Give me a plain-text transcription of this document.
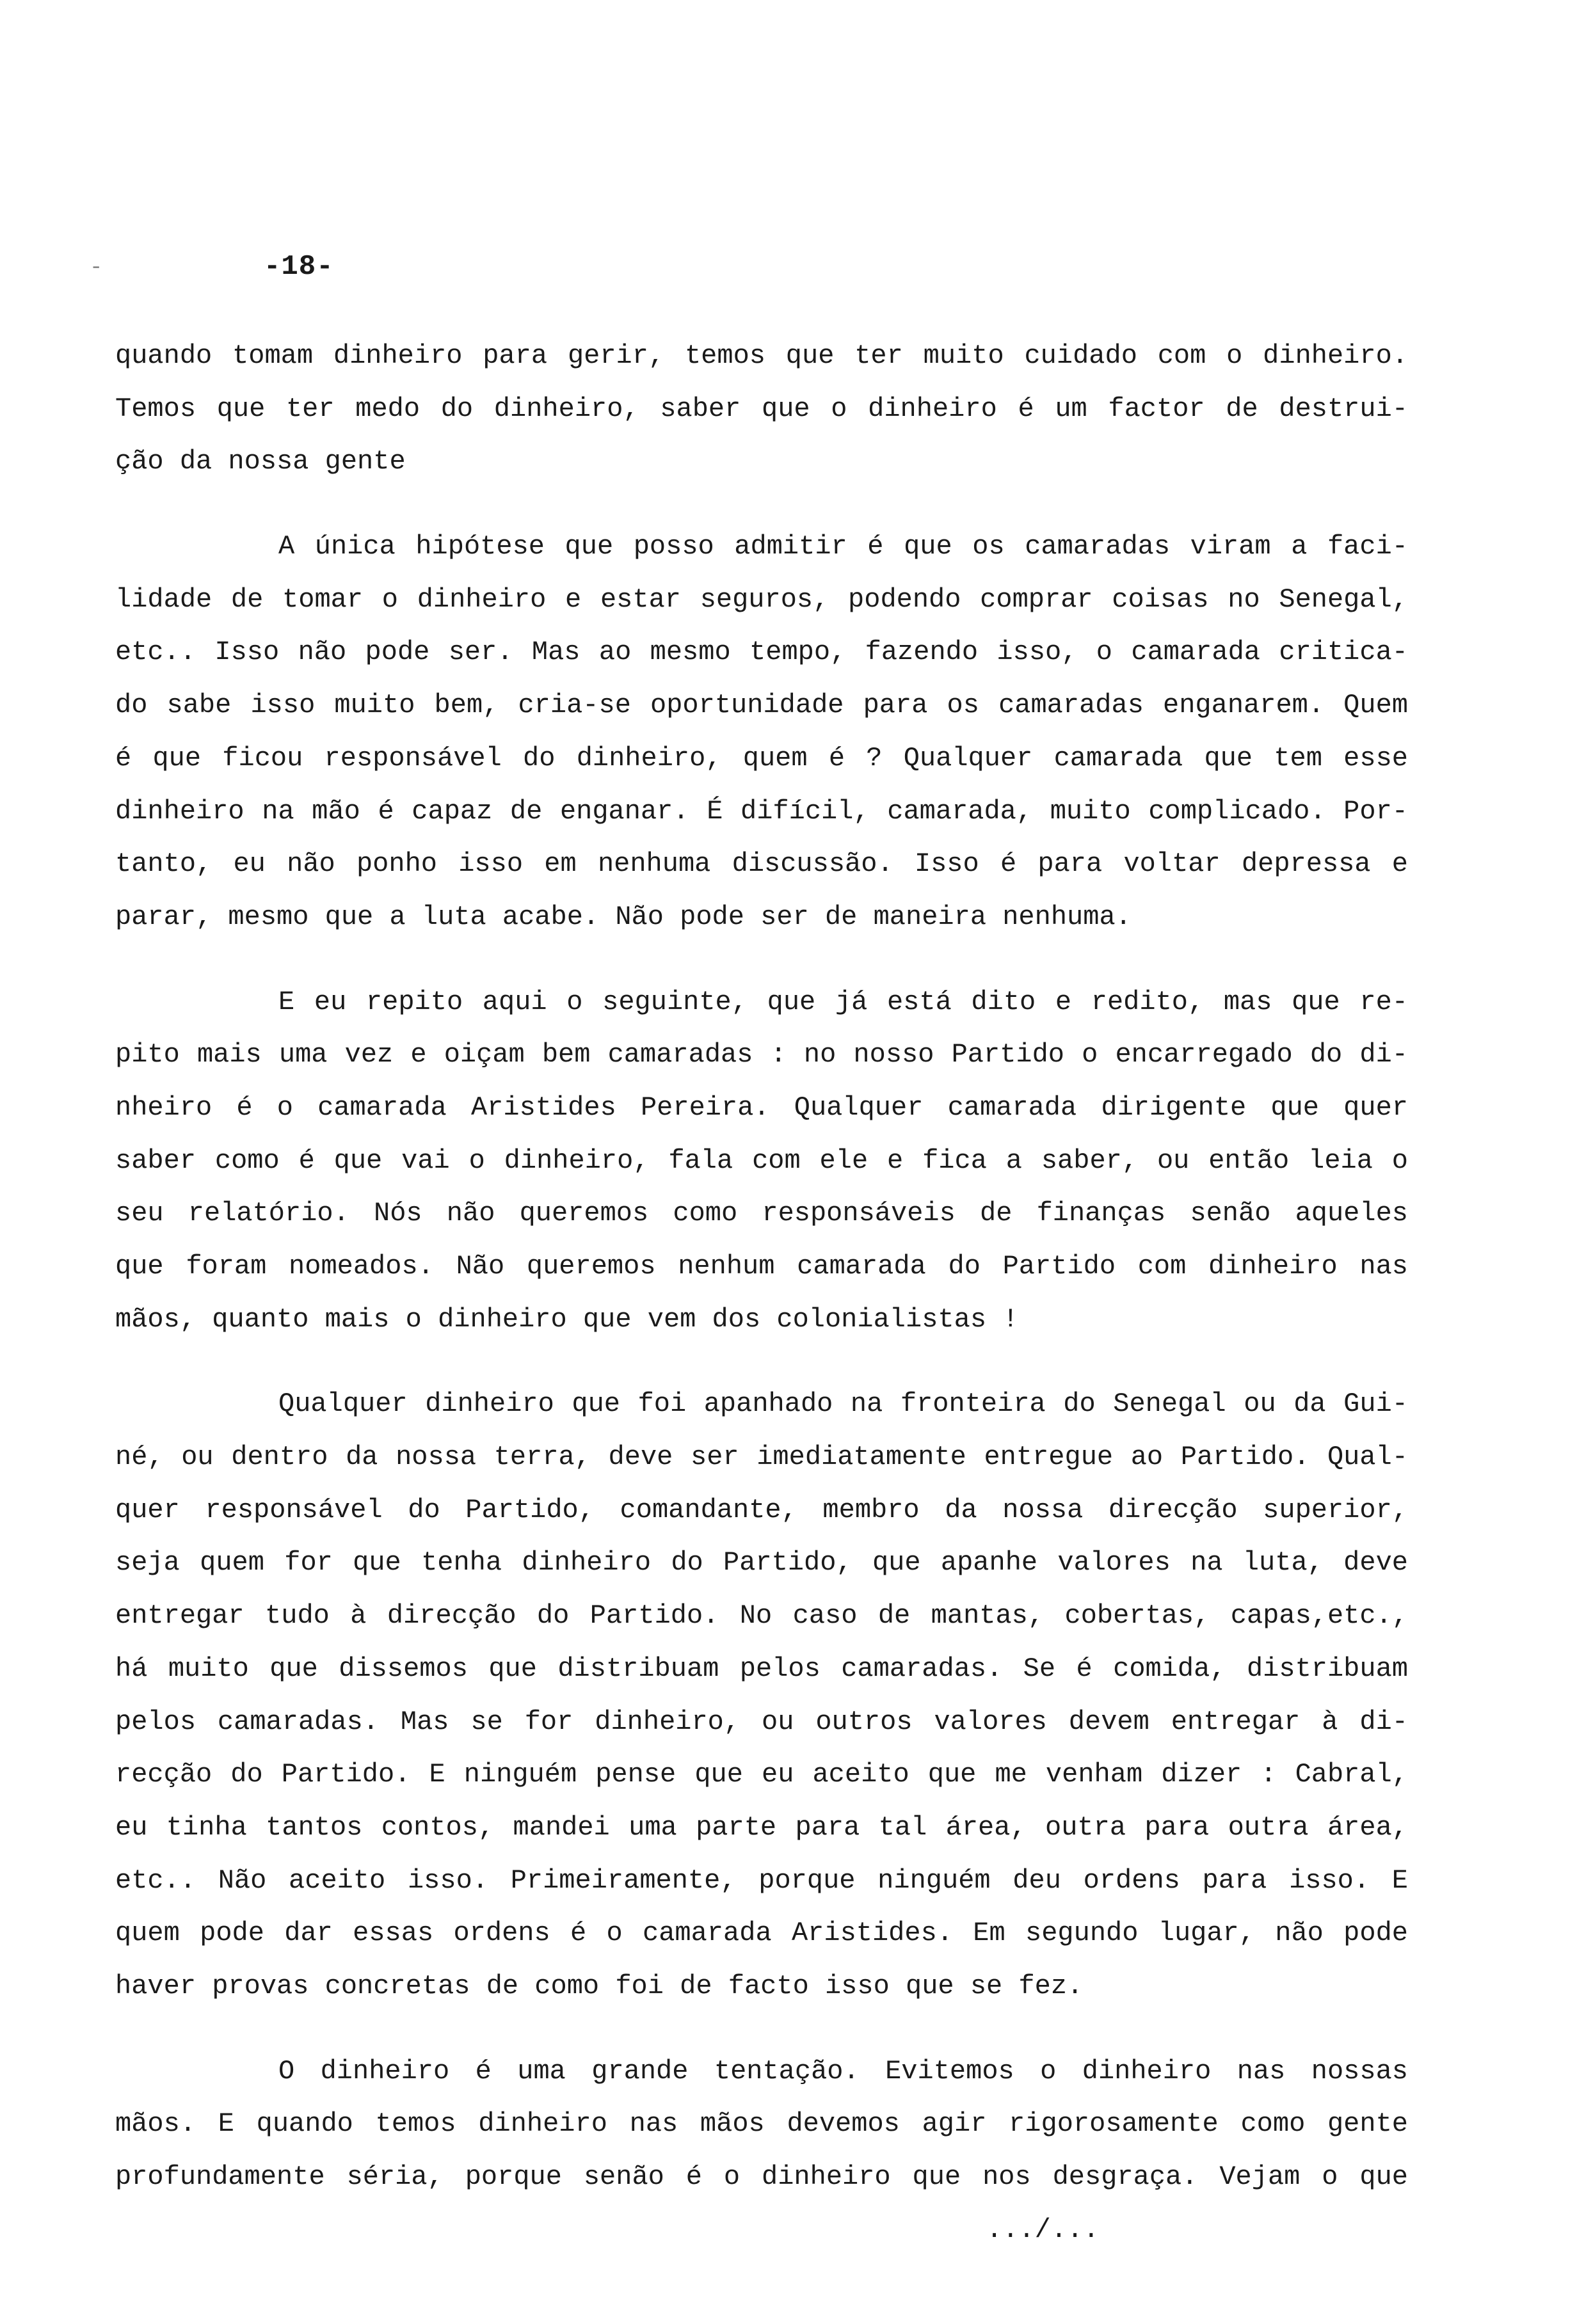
-	-18-
quando tomam dinheiro para gerir, temos que ter muito cuidado com o dinheiro.
Temos que ter medo do dinheiro, saber que o dinheiro é um factor de destrui-
ção da nossa gente
A única hipótese que posso admitir é que os camaradas viram a faci-
lidade de tomar o dinheiro e estar seguros, podendo comprar coisas no Senegal,
etc.. Isso não pode ser. Mas ao mesmo tempo, fazendo isso, o camarada critica-
do sabe isso muito bem, cria-se oportunidade para os camaradas enganarem. Quem
é que ficou responsável do dinheiro, quem é ? Qualquer camarada que tem esse
dinheiro na mão é capaz de enganar. É difícil, camarada, muito complicado. Por-
tanto, eu não ponho isso em nenhuma discussão. Isso é para voltar depressa e
parar, mesmo que a luta acabe. Não pode ser de maneira nenhuma.
E eu repito aqui o seguinte, que já está dito e redito, mas que re-
pito mais uma vez e oiçam bem camaradas : no nosso Partido o encarregado do di-
nheiro é o camarada Aristides Pereira. Qualquer camarada dirigente que quer
saber como é que vai o dinheiro, fala com ele e fica a saber, ou então leia o
seu relatório. Nós não queremos como responsáveis de finanças senão aqueles
que foram nomeados. Não queremos nenhum camarada do Partido com dinheiro nas
mãos, quanto mais o dinheiro que vem dos colonialistas !
Qualquer dinheiro que foi apanhado na fronteira do Senegal ou da Gui-
né, ou dentro da nossa terra, deve ser imediatamente entregue ao Partido. Qual-
quer responsável do Partido, comandante, membro da nossa direcção superior,
seja quem for que tenha dinheiro do Partido, que apanhe valores na luta, deve
entregar tudo à direcção do Partido. No caso de mantas, cobertas, capas,etc.,
há muito que dissemos que distribuam pelos camaradas. Se é comida, distribuam
pelos camaradas. Mas se for dinheiro, ou outros valores devem entregar à di-
recção do Partido. E ninguém pense que eu aceito que me venham dizer : Cabral,
eu tinha tantos contos, mandei uma parte para tal área, outra para outra área,
etc.. Não aceito isso. Primeiramente, porque ninguém deu ordens para isso. E
quem pode dar essas ordens é o camarada Aristides. Em segundo lugar, não pode
haver provas concretas de como foi de facto isso que se fez.
O dinheiro é uma grande tentação. Evitemos o dinheiro nas nossas
mãos. E quando temos dinheiro nas mãos devemos agir rigorosamente como gente
profundamente séria, porque senão é o dinheiro que nos desgraça. Vejam o que
.../...
